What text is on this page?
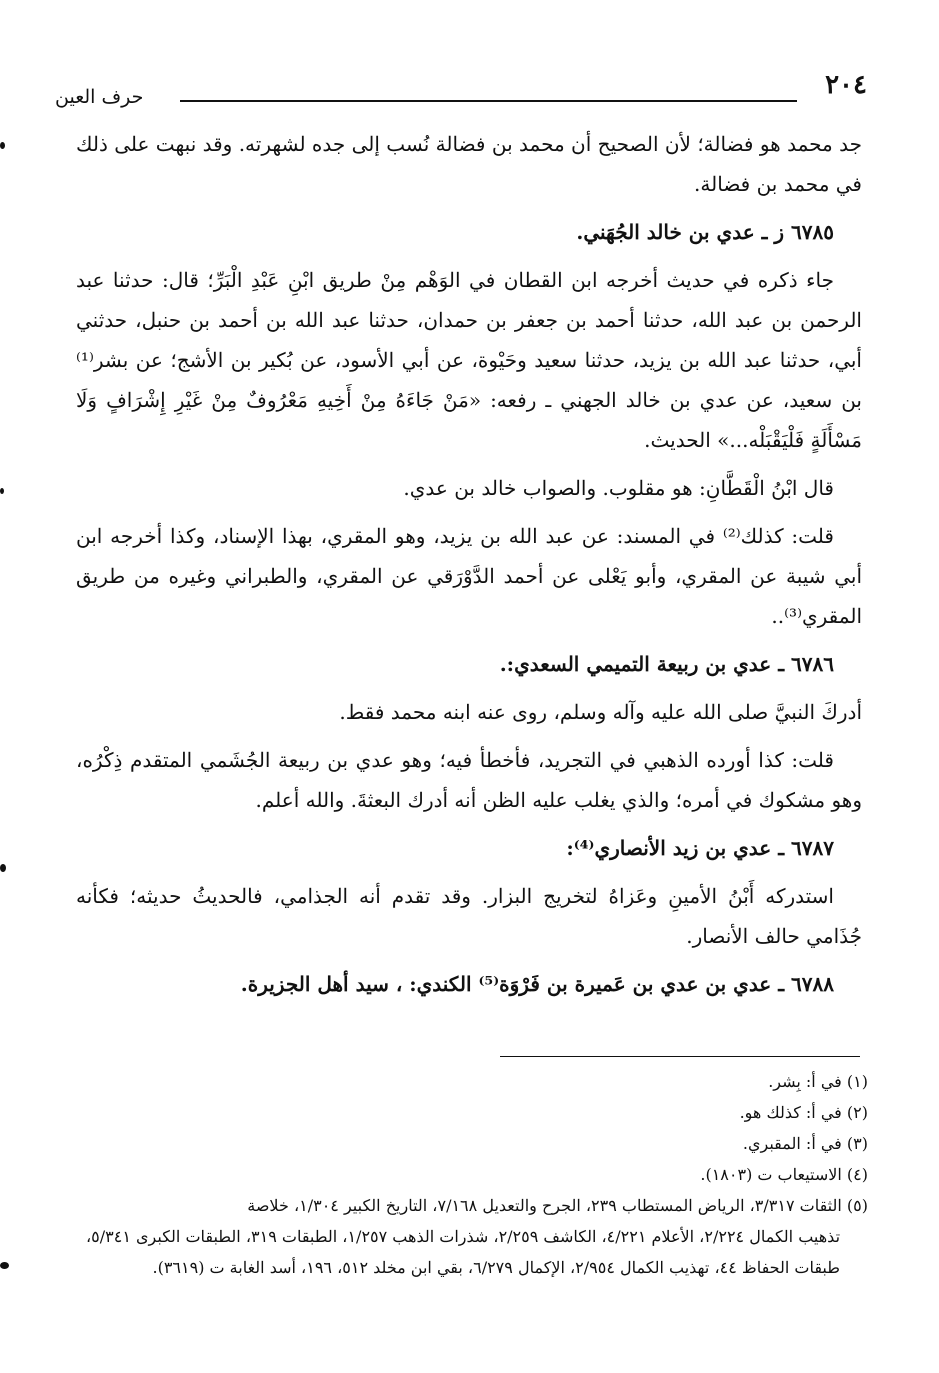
٢٠٤
حرف العين

جد محمد هو فضالة؛ لأن الصحيح أن محمد بن فضالة نُسب إلى جده لشهرته. وقد نبهت على ذلك في محمد بن فضالة.

٦٧٨٥ ز ـ عدي بن خالد الجُهَني.

جاء ذكره في حديث أخرجه ابن القطان في الوَهْم مِنْ طريق ابْنِ عَبْدِ الْبَرِّ؛ قال: حدثنا عبد الرحمن بن عبد الله، حدثنا أحمد بن جعفر بن حمدان، حدثنا عبد الله بن أحمد بن حنبل، حدثني أبي، حدثنا عبد الله بن يزيد، حدثنا سعيد وحَيْوة، عن أبي الأسود، عن بُكير بن الأشج؛ عن بشر⁽¹⁾ بن سعيد، عن عدي بن خالد الجهني ـ رفعه: «مَنْ جَاءَهُ مِنْ أَخِيهِ مَعْرُوفٌ مِنْ غَيْرِ إِشْرَافٍ وَلَا مَسْأَلَةٍ فَلْيَقْبَلْه...» الحديث.

قال ابْنُ الْقَطَّانِ: هو مقلوب. والصواب خالد بن عدي.

قلت: كذلك⁽²⁾ في المسند: عن عبد الله بن يزيد، وهو المقري، بهذا الإسناد، وكذا أخرجه ابن أبي شيبة عن المقري، وأبو يَعْلى عن أحمد الدَّوْرَقي عن المقري، والطبراني وغيره من طريق المقري⁽³⁾..

٦٧٨٦ ـ عدي بن ربيعة التميمي السعدي:.

أدركَ النبيَّ صلى الله عليه وآله وسلم، روى عنه ابنه محمد فقط.

قلت: كذا أورده الذهبي في التجريد، فأخطأ فيه؛ وهو عدي بن ربيعة الجُشَمي المتقدم ذِكْرُه، وهو مشكوك في أمره؛ والذي يغلب عليه الظن أنه أدرك البعثةَ. والله أعلم.

٦٧٨٧ ـ عدي بن زيد الأنصاري⁽⁴⁾:

استدركه أَبْنُ الأمينِ وعَزاهُ لتخريج البزار. وقد تقدم أنه الجذامي، فالحديثُ حديثه؛ فكأنه جُذَامي حالف الأنصار.

٦٧٨٨ ـ عدي بن عدي بن عَميرة بن فَرْوَة⁽⁵⁾ الكندي: ، سيد أهل الجزيرة.

(١) في أ: بِشر.

(٢) في أ: كذلك هو.

(٣) في أ: المقبري.

(٤) الاستيعاب ت (١٨٠٣).

(٥) الثقات ٣/٣١٧، الرياض المستطاب ٢٣٩، الجرح والتعديل ٧/١٦٨، التاريخ الكبير ١/٣٠٤، خلاصة

تذهيب الكمال ٢/٢٢٤، الأعلام ٤/٢٢١، الكاشف ٢/٢٥٩، شذرات الذهب ١/٢٥٧، الطبقات ٣١٩، الطبقات الكبرى ٥/٣٤١، طبقات الحفاظ ٤٤، تهذيب الكمال ٢/٩٥٤، الإكمال ٦/٢٧٩، بقي ابن مخلد ٥١٢، ١٩٦، أسد الغابة ت (٣٦١٩).
